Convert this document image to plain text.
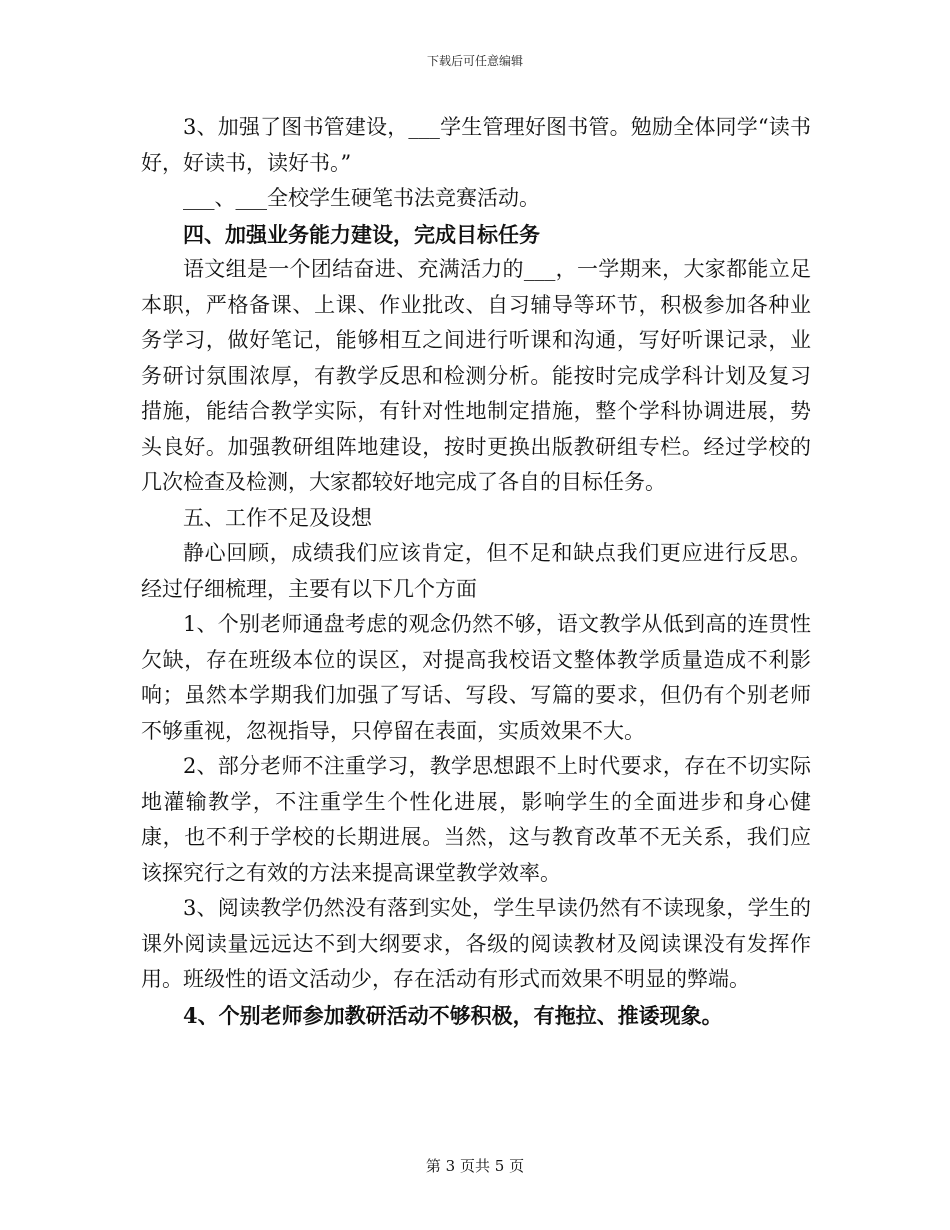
下载后可任意编辑

3、加强了图书管建设，___学生管理好图书管。勉励全体同学“读书好，好读书，读好书。”

___、___全校学生硬笔书法竞赛活动。

四、加强业务能力建设，完成目标任务

语文组是一个团结奋进、充满活力的___，一学期来，大家都能立足本职，严格备课、上课、作业批改、自习辅导等环节，积极参加各种业务学习，做好笔记，能够相互之间进行听课和沟通，写好听课记录，业务研讨氛围浓厚，有教学反思和检测分析。能按时完成学科计划及复习措施，能结合教学实际，有针对性地制定措施，整个学科协调进展，势头良好。加强教研组阵地建设，按时更换出版教研组专栏。经过学校的几次检查及检测，大家都较好地完成了各自的目标任务。

五、工作不足及设想

静心回顾，成绩我们应该肯定，但不足和缺点我们更应进行反思。经过仔细梳理，主要有以下几个方面

1、个别老师通盘考虑的观念仍然不够，语文教学从低到高的连贯性欠缺，存在班级本位的误区，对提高我校语文整体教学质量造成不利影响；虽然本学期我们加强了写话、写段、写篇的要求，但仍有个别老师不够重视，忽视指导，只停留在表面，实质效果不大。

2、部分老师不注重学习，教学思想跟不上时代要求，存在不切实际地灌输教学，不注重学生个性化进展，影响学生的全面进步和身心健康，也不利于学校的长期进展。当然，这与教育改革不无关系，我们应该探究行之有效的方法来提高课堂教学效率。

3、阅读教学仍然没有落到实处，学生早读仍然有不读现象，学生的课外阅读量远远达不到大纲要求，各级的阅读教材及阅读课没有发挥作用。班级性的语文活动少，存在活动有形式而效果不明显的弊端。

4、个别老师参加教研活动不够积极，有拖拉、推诿现象。

第 3 页共 5 页
